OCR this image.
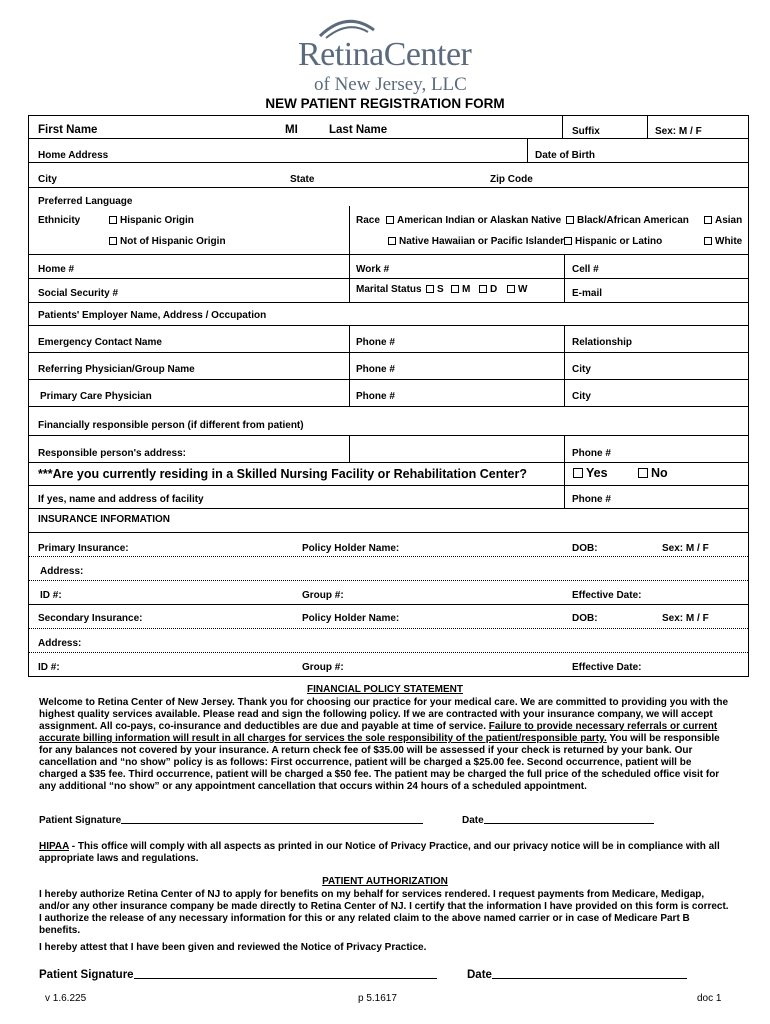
RetinaCenter
of New Jersey, LLC
NEW PATIENT REGISTRATION FORM
First Name	MI	Last Name	Suffix	Sex: M / F
Home Address	Date of Birth
City	State	Zip Code
Preferred Language
Ethnicity	Hispanic Origin
Not of Hispanic Origin
Race	American Indian or Alaskan Native	Black/African American	Asian
Native Hawaiian or Pacific Islander	Hispanic or Latino	White
Home #	Work #	Cell #
Social Security #	Marital Status	S	M	D	W	E-mail
Patients' Employer Name, Address / Occupation
Emergency Contact Name	Phone #	Relationship
Referring Physician/Group Name	Phone #	City
Primary Care Physician	Phone #	City
Financially responsible person (if different from patient)
Responsible person's address:	Phone #
***Are you currently residing in a Skilled Nursing Facility or Rehabilitation Center?	Yes	No
If yes, name and address of facility	Phone #
INSURANCE INFORMATION
Primary Insurance:	Policy Holder Name:	DOB:	Sex: M / F
Address:
ID #:	Group #:	Effective Date:
Secondary Insurance:	Policy Holder Name:	DOB:	Sex: M / F
Address:
ID #:	Group #:	Effective Date:
FINANCIAL POLICY STATEMENT
Welcome to Retina Center of New Jersey. Thank you for choosing our practice for your medical care. We are committed to providing you with the highest quality services available. Please read and sign the following policy. If we are contracted with your insurance company, we will accept assignment. All co-pays, co-insurance and deductibles are due and payable at time of service. Failure to provide necessary referrals or current accurate billing information will result in all charges for services the sole responsibility of the patient/responsible party. You will be responsible for any balances not covered by your insurance. A return check fee of $35.00 will be assessed if your check is returned by your bank. Our cancellation and “no show” policy is as follows: First occurrence, patient will be charged a $25.00 fee. Second occurrence, patient will be charged a $35 fee. Third occurrence, patient will be charged a $50 fee. The patient may be charged the full price of the scheduled office visit for any additional “no show” or any appointment cancellation that occurs within 24 hours of a scheduled appointment.
Patient Signature	Date
HIPAA - This office will comply with all aspects as printed in our Notice of Privacy Practice, and our privacy notice will be in compliance with all appropriate laws and regulations.
PATIENT AUTHORIZATION
I hereby authorize Retina Center of NJ to apply for benefits on my behalf for services rendered. I request payments from Medicare, Medigap, and/or any other insurance company be made directly to Retina Center of NJ. I certify that the information I have provided on this form is correct. I authorize the release of any necessary information for this or any related claim to the above named carrier or in case of Medicare Part B benefits.
I hereby attest that I have been given and reviewed the Notice of Privacy Practice.
Patient Signature	Date
v 1.6.225	p 5.1617	doc 1
